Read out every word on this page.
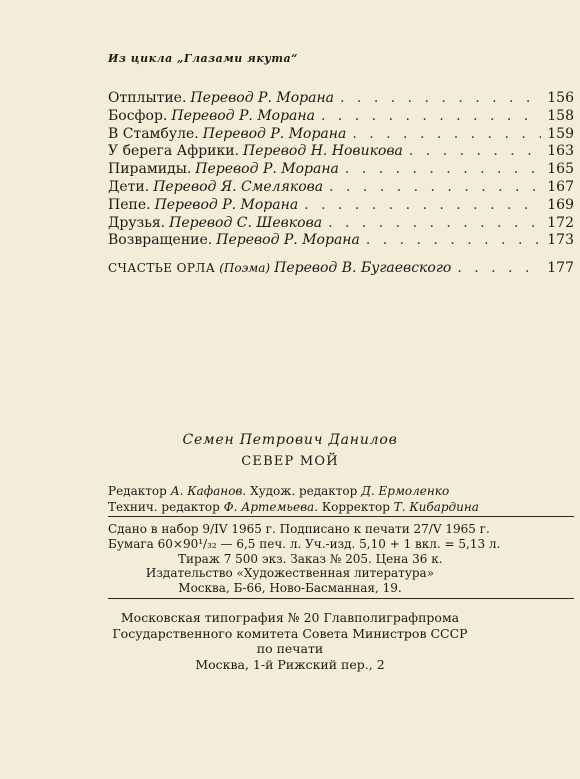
Из цикла „Глазами якута“
Отплытие. Перевод Р. Морана . . .	156
Босфор. Перевод Р. Морана . . .	158
В Стамбуле. Перевод Р. Морана . . .	159
У берега Африки. Перевод Н. Новикова . . .	163
Пирамиды. Перевод Р. Морана . . .	165
Дети. Перевод Я. Смелякова . . .	167
Пепе. Перевод Р. Морана . . .	169
Друзья. Перевод С. Шевкова . . .	172
Возвращение. Перевод Р. Морана . . .	173
СЧАСТЬЕ ОРЛА (Поэма) Перевод В. Бугаевского . . .	177
Семен Петрович Данилов
СЕВЕР МОЙ
Редактор А. Кафанов. Худож. редактор Д. Ермоленко
Технич. редактор Ф. Артемьева. Корректор Т. Кибардина
Сдано в набор 9/IV 1965 г. Подписано к печати 27/V 1965 г.
Бумага 60×90¹/₃₂ — 6,5 печ. л. Уч.-изд. 5,10 + 1 вкл. = 5,13 л.
Тираж 7 500 экз. Заказ № 205. Цена 36 к.
Издательство «Художественная литература»
Москва, Б-66, Ново-Басманная, 19.
Московская типография № 20 Главполиграфпрома
Государственного комитета Совета Министров СССР
по печати
Москва, 1-й Рижский пер., 2
